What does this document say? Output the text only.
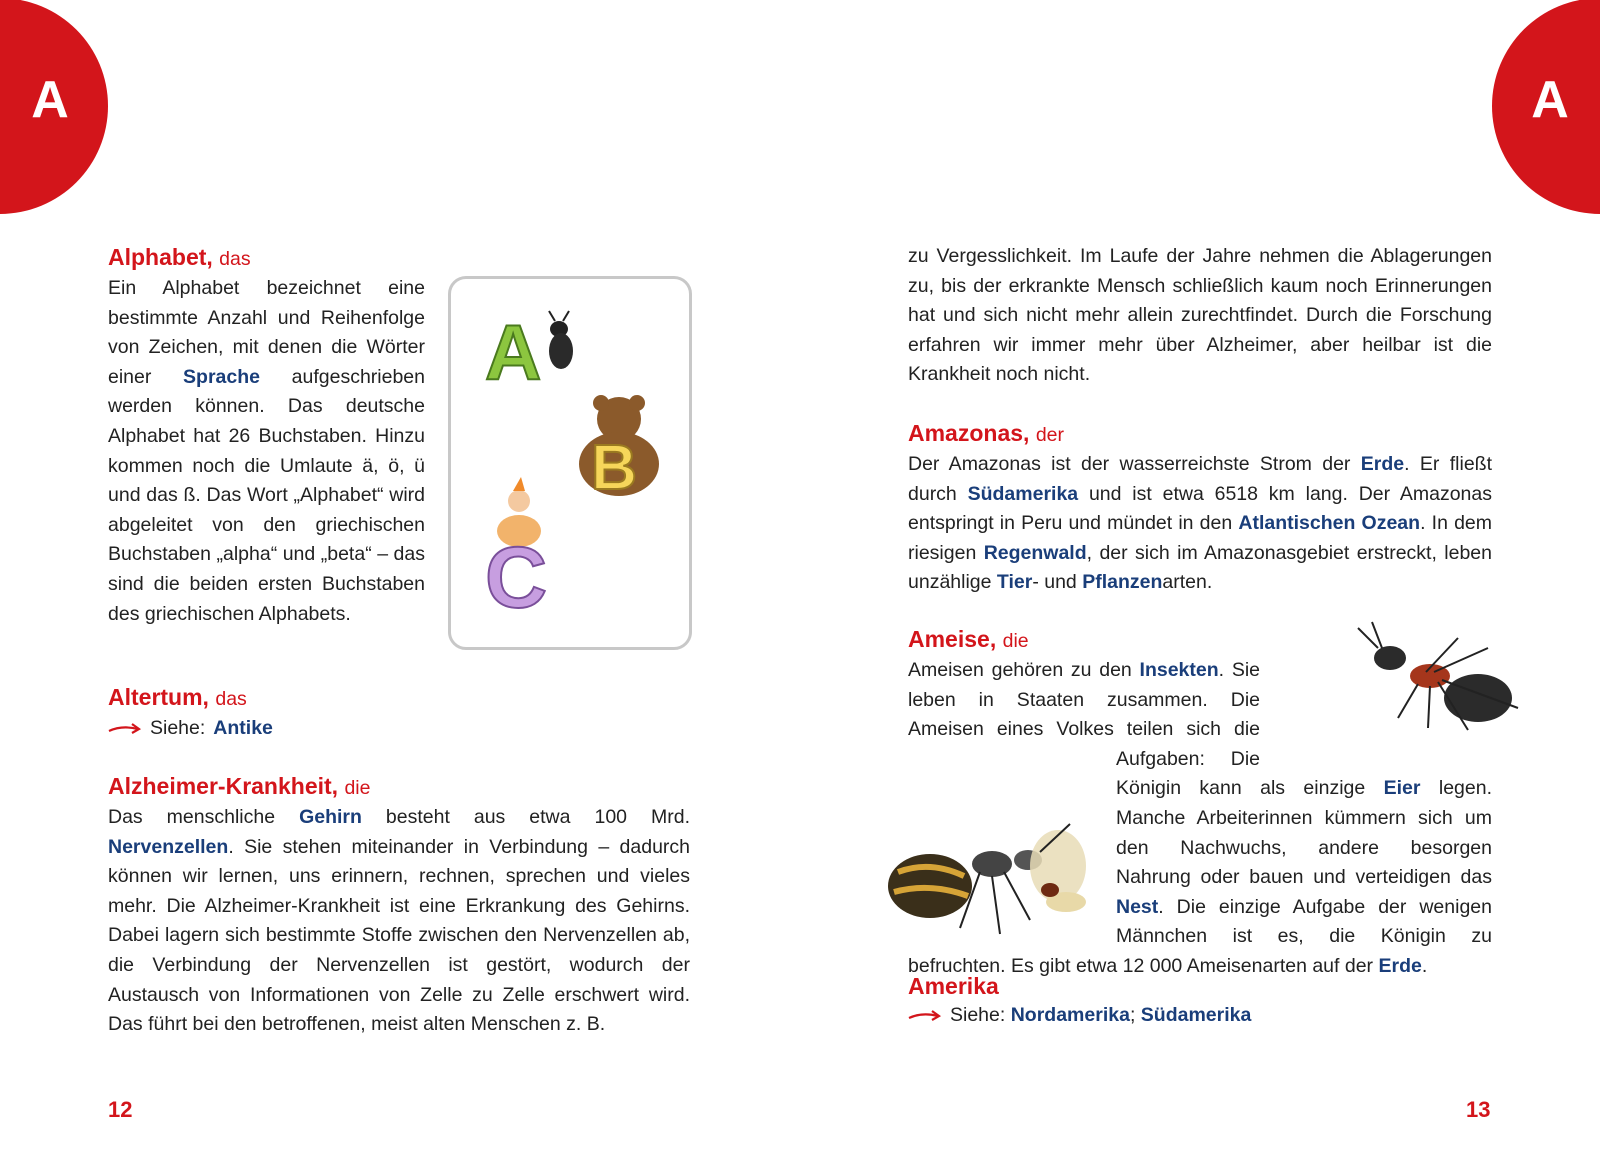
A	A
Alphabet, das

Ein Alphabet bezeichnet eine bestimmte Anzahl und Reihenfolge von Zeichen, mit denen die Wörter einer Sprache aufgeschrieben werden können. Das deutsche Alphabet hat 26 Buchstaben. Hinzu kommen noch die Umlaute ä, ö, ü und das ß. Das Wort „Alphabet“ wird abgeleitet von den griechischen Buchstaben „alpha“ und „beta“ – das sind die beiden ersten Buchstaben des griechischen Alphabets.

A
B
C
Altertum, das
Siehe: Antike
Alzheimer-Krankheit, die

Das menschliche Gehirn besteht aus etwa 100 Mrd. Nervenzellen. Sie stehen miteinander in Verbindung – dadurch können wir lernen, uns erinnern, rechnen, sprechen und vieles mehr. Die Alzheimer-Krankheit ist eine Erkrankung des Gehirns. Dabei lagern sich bestimmte Stoffe zwischen den Nervenzellen ab, die Verbindung der Nervenzellen ist gestört, wodurch der Austausch von Informationen von Zelle zu Zelle erschwert wird. Das führt bei den betroffenen, meist alten Menschen z. B.

12

zu Vergesslichkeit. Im Laufe der Jahre nehmen die Ablagerungen zu, bis der erkrankte Mensch schließlich kaum noch Erinnerungen hat und sich nicht mehr allein zurechtfindet. Durch die Forschung erfahren wir immer mehr über Alzheimer, aber heilbar ist die Krankheit noch nicht.

Amazonas, der

Der Amazonas ist der wasserreichste Strom der Erde. Er fließt durch Südamerika und ist etwa 6518 km lang. Der Amazonas entspringt in Peru und mündet in den Atlantischen Ozean. In dem riesigen Regenwald, der sich im Amazonasgebiet erstreckt, leben unzählige Tier- und Pflanzenarten.

Ameise, die

Ameisen gehören zu den Insekten. Sie leben in Staaten zusammen. Die Ameisen eines Volkes teilen sich die Aufgaben: Die Königin kann als einzige Eier legen. Manche Arbeiterinnen kümmern sich um den Nachwuchs, andere besorgen Nahrung oder bauen und verteidigen das Nest. Die einzige Aufgabe der wenigen Männchen ist es, die Königin zu befruchten. Es gibt etwa 12 000 Ameisenarten auf der Erde.

Amerika
Siehe: Nordamerika; Südamerika
13
